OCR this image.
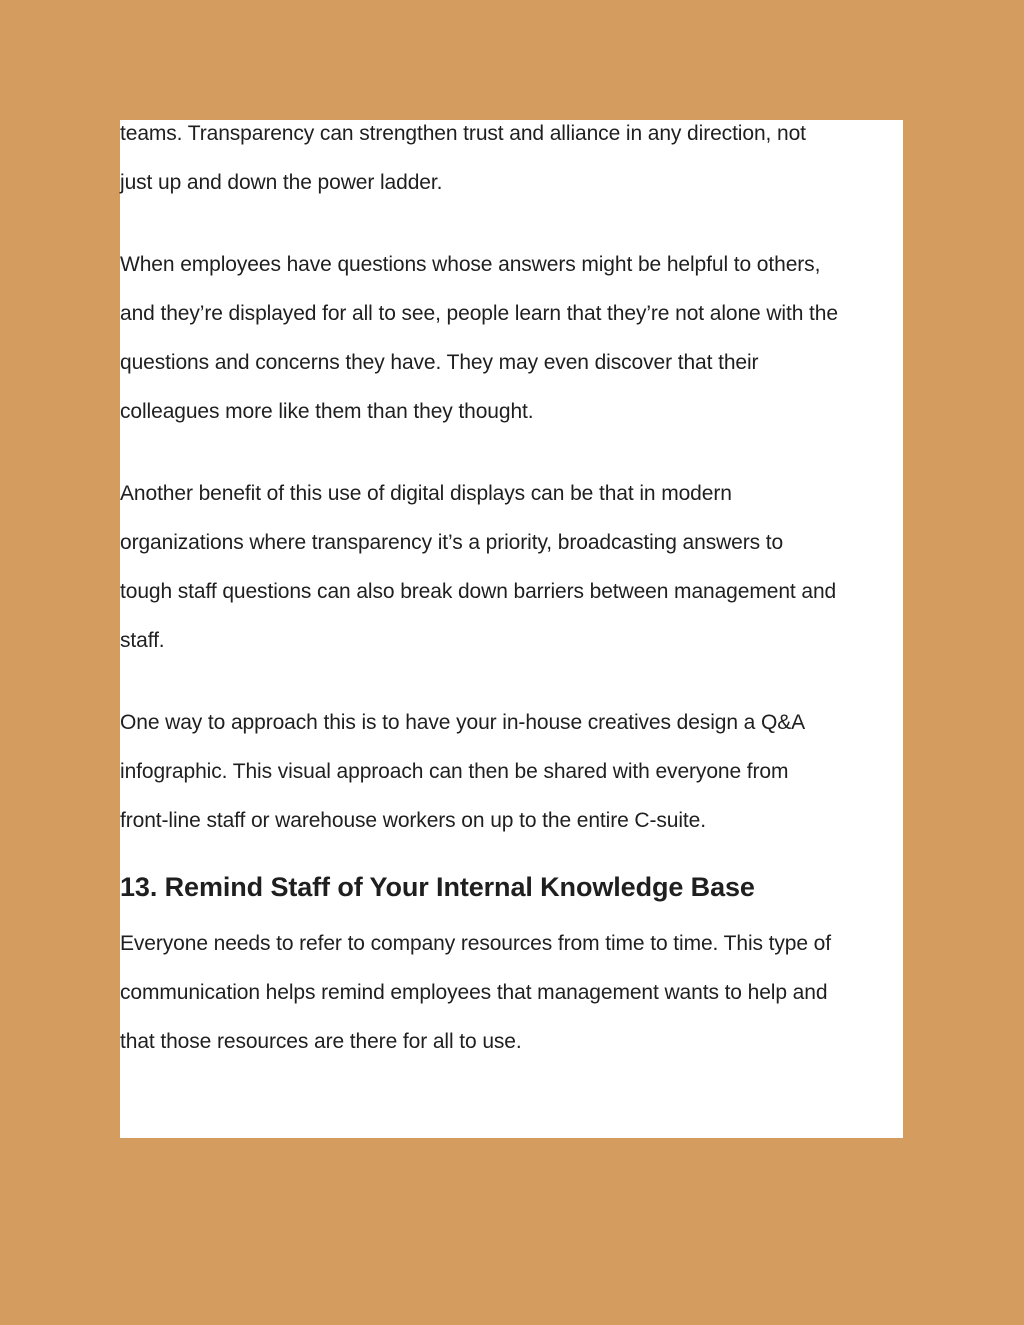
teams. Transparency can strengthen trust and alliance in any direction, not
just up and down the power ladder.

When employees have questions whose answers might be helpful to others,
and they’re displayed for all to see, people learn that they’re not alone with the
questions and concerns they have. They may even discover that their
colleagues more like them than they thought.

Another benefit of this use of digital displays can be that in modern
organizations where transparency it’s a priority, broadcasting answers to
tough staff questions can also break down barriers between management and
staff.

One way to approach this is to have your in-house creatives design a Q&A
infographic. This visual approach can then be shared with everyone from
front-line staff or warehouse workers on up to the entire C-suite.

13. Remind Staff of Your Internal Knowledge Base

Everyone needs to refer to company resources from time to time. This type of
communication helps remind employees that management wants to help and
that those resources are there for all to use.
